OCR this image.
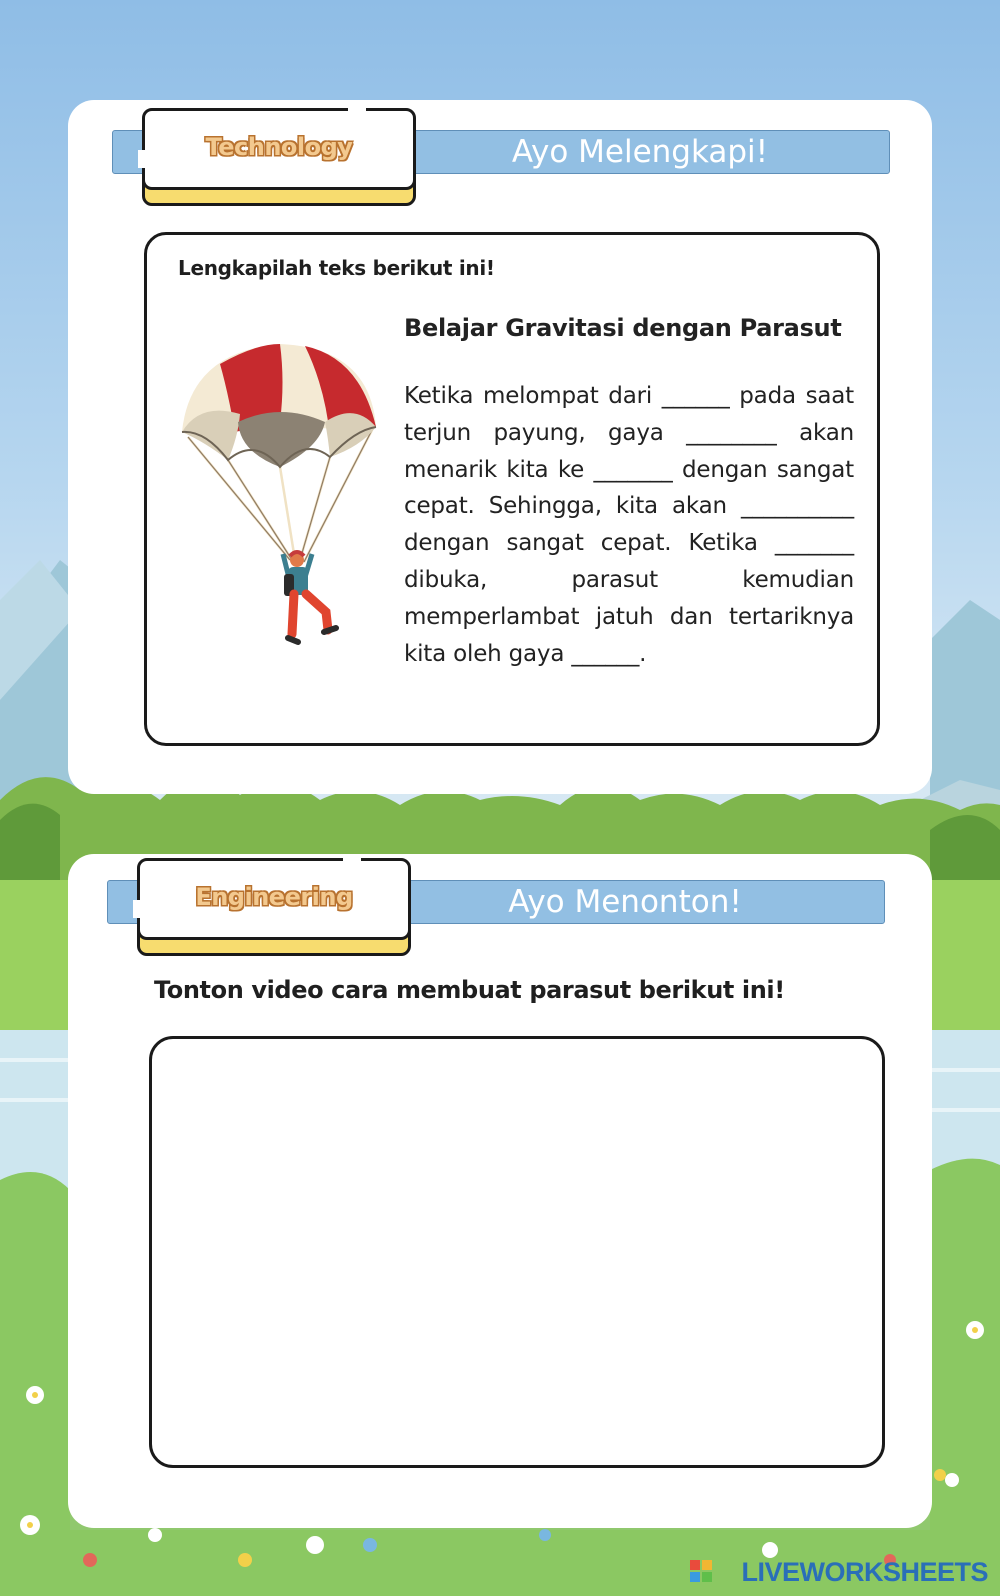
Ayo Melengkapi!
Technology
Lengkapilah teks berikut ini!
Belajar Gravitasi dengan Parasut
Ketika melompat dari ______ pada saat terjun payung, gaya ________ akan menarik kita ke _______ dengan sangat cepat. Sehingga, kita akan __________ dengan sangat cepat. Ketika _______ dibuka, parasut kemudian memperlambat jatuh dan tertariknya kita oleh gaya ______.
Ayo Menonton!
Engineering
Tonton video cara membuat parasut berikut ini!
LIVEWORKSHEETS
